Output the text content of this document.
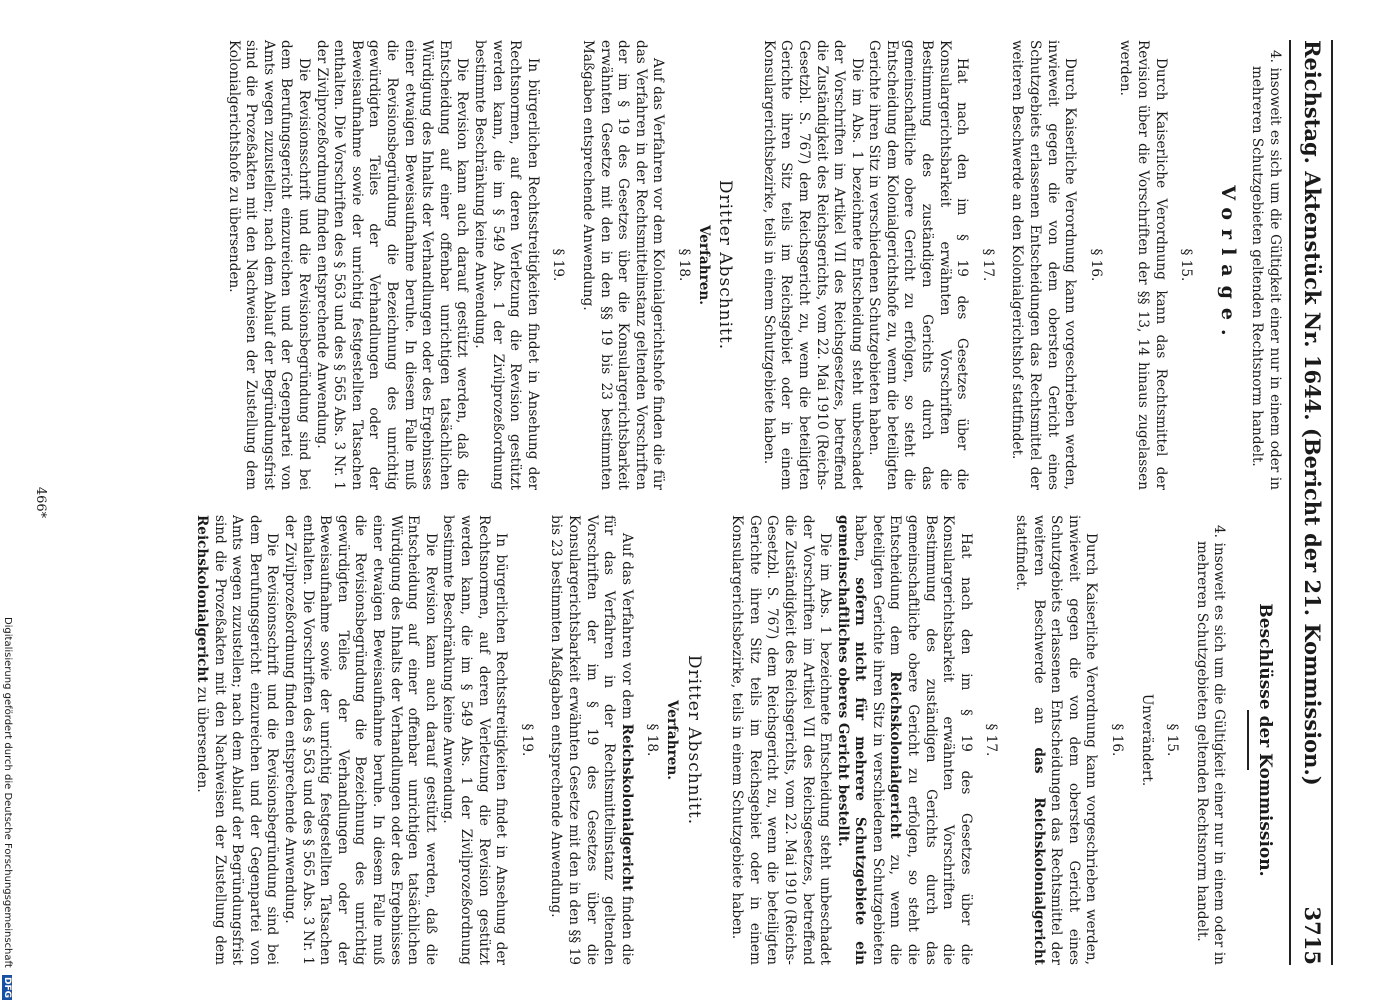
Reichstag. Aktenstück Nr. 1644. (Bericht der 21. Kommission.)
3715
4. insoweit es sich um die Gültigkeit einer nur in einem oder in mehreren Schutzgebieten geltenden Rechtsnorm handelt.
Vorlage.
§ 15.

Durch Kaiserliche Verordnung kann das Rechtsmittel der Revision über die Vorschriften der §§ 13, 14 hinaus zugelassen werden.

§ 16.

Durch Kaiserliche Verordnung kann vorgeschrieben werden, inwieweit gegen die von dem obersten Gericht eines Schutzgebiets erlassenen Entscheidungen das Rechtsmittel der weiteren Beschwerde an den Kolonialgerichtshof stattfindet.

§ 17.

Hat nach den im § 19 des Gesetzes über die Konsulargerichtsbarkeit erwähnten Vorschriften die Bestimmung des zuständigen Gerichts durch das gemeinschaftliche obere Gericht zu erfolgen, so steht die Entscheidung dem Kolonialgerichtshofe zu, wenn die beteiligten Gerichte ihren Sitz in verschiedenen Schutzgebieten haben.

Die im Abs. 1 bezeichnete Entscheidung steht unbeschadet der Vorschriften im Artikel VII des Reichsgesetzes, betreffend die Zuständigkeit des Reichsgerichts, vom 22. Mai 1910 (Reichs-Gesetzbl. S. 767) dem Reichsgericht zu, wenn die beteiligten Gerichte ihren Sitz teils im Reichsgebiet oder in einem Konsulargerichtsbezirke, teils in einem Schutzgebiete haben.

Dritter Abschnitt.
Verfahren.
§ 18.

Auf das Verfahren vor dem Kolonialgerichtshofe finden die für das Verfahren in der Rechtsmittelinstanz geltenden Vorschriften der im § 19 des Gesetzes über die Konsulargerichtsbarkeit erwähnten Gesetze mit den in den §§ 19 bis 23 bestimmten Maßgaben entsprechende Anwendung.

§ 19.

In bürgerlichen Rechtsstreitigkeiten findet in Ansehung der Rechtsnormen, auf deren Verletzung die Revision gestützt werden kann, die im § 549 Abs. 1 der Zivilprozeßordnung bestimmte Beschränkung keine Anwendung.

Die Revision kann auch darauf gestützt werden, daß die Entscheidung auf einer offenbar unrichtigen tatsächlichen Würdigung des Inhalts der Verhandlungen oder des Ergebnisses einer etwaigen Beweisaufnahme beruhe. In diesem Falle muß die Revisionsbegründung die Bezeichnung des unrichtig gewürdigten Teiles der Verhandlungen oder der Beweisaufnahme sowie der unrichtig festgestellten Tatsachen enthalten. Die Vorschriften des § 563 und des § 565 Abs. 3 Nr. 1 der Zivilprozeßordnung finden entsprechende Anwendung.

Die Revisionsschrift und die Revisionsbegründung sind bei dem Berufungsgericht einzureichen und der Gegenpartei von Amts wegen zuzustellen; nach dem Ablauf der Begründungsfrist sind die Prozeßakten mit den Nachweisen der Zustellung dem Kolonialgerichtshofe zu übersenden.

Beschlüsse der Kommission.
4. insoweit es sich um die Gültigkeit einer nur in einem oder in mehreren Schutzgebieten geltenden Rechtsnorm handelt.
§ 15.
Unverändert.
§ 16.

Durch Kaiserliche Verordnung kann vorgeschrieben werden, inwieweit gegen die von dem obersten Gericht eines Schutzgebiets erlassenen Entscheidungen das Rechtsmittel der weiteren Beschwerde an das Reichskolonialgericht stattfindet.

§ 17.

Hat nach den im § 19 des Gesetzes über die Konsulargerichtsbarkeit erwähnten Vorschriften die Bestimmung des zuständigen Gerichts durch das gemeinschaftliche obere Gericht zu erfolgen, so steht die Entscheidung dem Reichskolonialgericht zu, wenn die beteiligten Gerichte ihren Sitz in verschiedenen Schutzgebieten haben, sofern nicht für mehrere Schutzgebiete ein gemeinschaftliches oberes Gericht bestellt.

Die im Abs. 1 bezeichnete Entscheidung steht unbeschadet der Vorschriften im Artikel VII des Reichsgesetzes, betreffend die Zuständigkeit des Reichsgerichts, vom 22. Mai 1910 (Reichs-Gesetzbl. S. 767) dem Reichsgericht zu, wenn die beteiligten Gerichte ihren Sitz teils im Reichsgebiet oder in einem Konsulargerichtsbezirke, teils in einem Schutzgebiete haben.

Dritter Abschnitt.
Verfahren.
§ 18.

Auf das Verfahren vor dem Reichskolonialgericht finden die für das Verfahren in der Rechtsmittelinstanz geltenden Vorschriften der im § 19 des Gesetzes über die Konsulargerichtsbarkeit erwähnten Gesetze mit den in den §§ 19 bis 23 bestimmten Maßgaben entsprechende Anwendung.

§ 19.

In bürgerlichen Rechtsstreitigkeiten findet in Ansehung der Rechtsnormen, auf deren Verletzung die Revision gestützt werden kann, die im § 549 Abs. 1 der Zivilprozeßordnung bestimmte Beschränkung keine Anwendung.

Die Revision kann auch darauf gestützt werden, daß die Entscheidung auf einer offenbar unrichtigen tatsächlichen Würdigung des Inhalts der Verhandlungen oder des Ergebnisses einer etwaigen Beweisaufnahme beruhe. In diesem Falle muß die Revisionsbegründung die Bezeichnung des unrichtig gewürdigten Teiles der Verhandlungen oder der Beweisaufnahme sowie der unrichtig festgestellten Tatsachen enthalten. Die Vorschriften des § 563 und des § 565 Abs. 3 Nr. 1 der Zivilprozeßordnung finden entsprechende Anwendung.

Die Revisionsschrift und die Revisionsbegründung sind bei dem Berufungsgericht einzureichen und der Gegenpartei von Amts wegen zuzustellen; nach dem Ablauf der Begründungsfrist sind die Prozeßakten mit den Nachweisen der Zustellung dem Reichskolonialgericht zu übersenden.

466*
Digitalisierung gefördert durch die Deutsche Forschungsgemeinschaft DFG
